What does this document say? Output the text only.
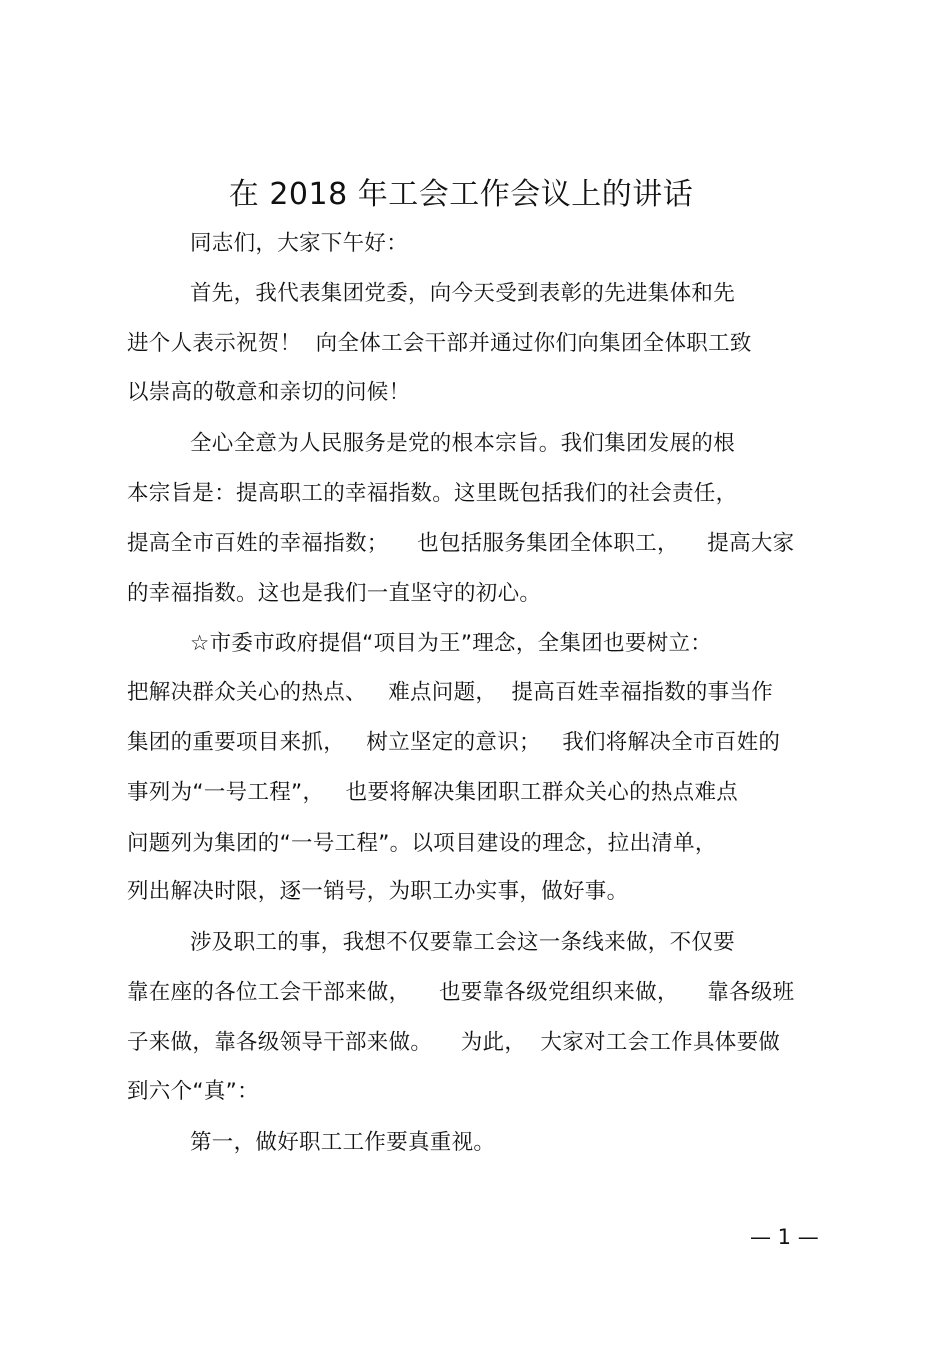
在 2018 年工会工作会议上的讲话
同志们，大家下午好：
首先，我代表集团党委，向今天受到表彰的先进集体和先
进个人表示祝贺！  向全体工会干部并通过你们向集团全体职工致
以崇高的敬意和亲切的问候！
全心全意为人民服务是党的根本宗旨。我们集团发展的根
本宗旨是：提高职工的幸福指数。这里既包括我们的社会责任，
提高全市百姓的幸福指数；    也包括服务集团全体职工，    提高大家
的幸福指数。这也是我们一直坚守的初心。
☆市委市政府提倡“项目为王”理念，全集团也要树立：
把解决群众关心的热点、   难点问题，  提高百姓幸福指数的事当作
集团的重要项目来抓，   树立坚定的意识；   我们将解决全市百姓的
事列为“一号工程”，   也要将解决集团职工群众关心的热点难点
问题列为集团的“一号工程”。以项目建设的理念，拉出清单，
列出解决时限，逐一销号，为职工办实事，做好事。
涉及职工的事，我想不仅要靠工会这一条线来做，不仅要
靠在座的各位工会干部来做，    也要靠各级党组织来做，    靠各级班
子来做，靠各级领导干部来做。    为此，  大家对工会工作具体要做
到六个“真”：
第一，做好职工工作要真重视。
— 1 —
